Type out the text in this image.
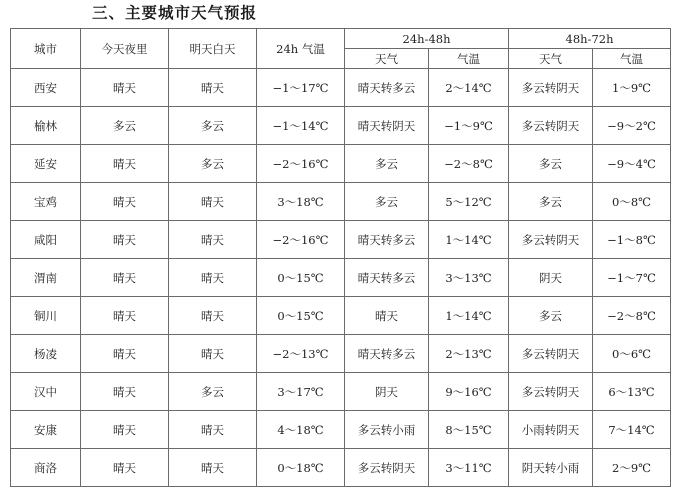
三、主要城市天气预报
城市	今天夜里	明天白天	24h 气温	24h-48h		48h-72h	
				天气	气温	天气	气温
西安	晴天	晴天	−1～17℃	晴天转多云	2～14℃	多云转阴天	1～9℃
榆林	多云	多云	−1～14℃	晴天转阴天	−1～9℃	多云转阴天	−9～2℃
延安	晴天	多云	−2～16℃	多云	−2～8℃	多云	−9～4℃
宝鸡	晴天	晴天	3～18℃	多云	5～12℃	多云	0～8℃
咸阳	晴天	晴天	−2～16℃	晴天转多云	1～14℃	多云转阴天	−1～8℃
渭南	晴天	晴天	0～15℃	晴天转多云	3～13℃	阴天	−1～7℃
铜川	晴天	晴天	0～15℃	晴天	1～14℃	多云	−2～8℃
杨凌	晴天	晴天	−2～13℃	晴天转多云	2～13℃	多云转阴天	0～6℃
汉中	晴天	多云	3～17℃	阴天	9～16℃	多云转阴天	6～13℃
安康	晴天	晴天	4～18℃	多云转小雨	8～15℃	小雨转阴天	7～14℃
商洛	晴天	晴天	0～18℃	多云转阴天	3～11℃	阴天转小雨	2～9℃
